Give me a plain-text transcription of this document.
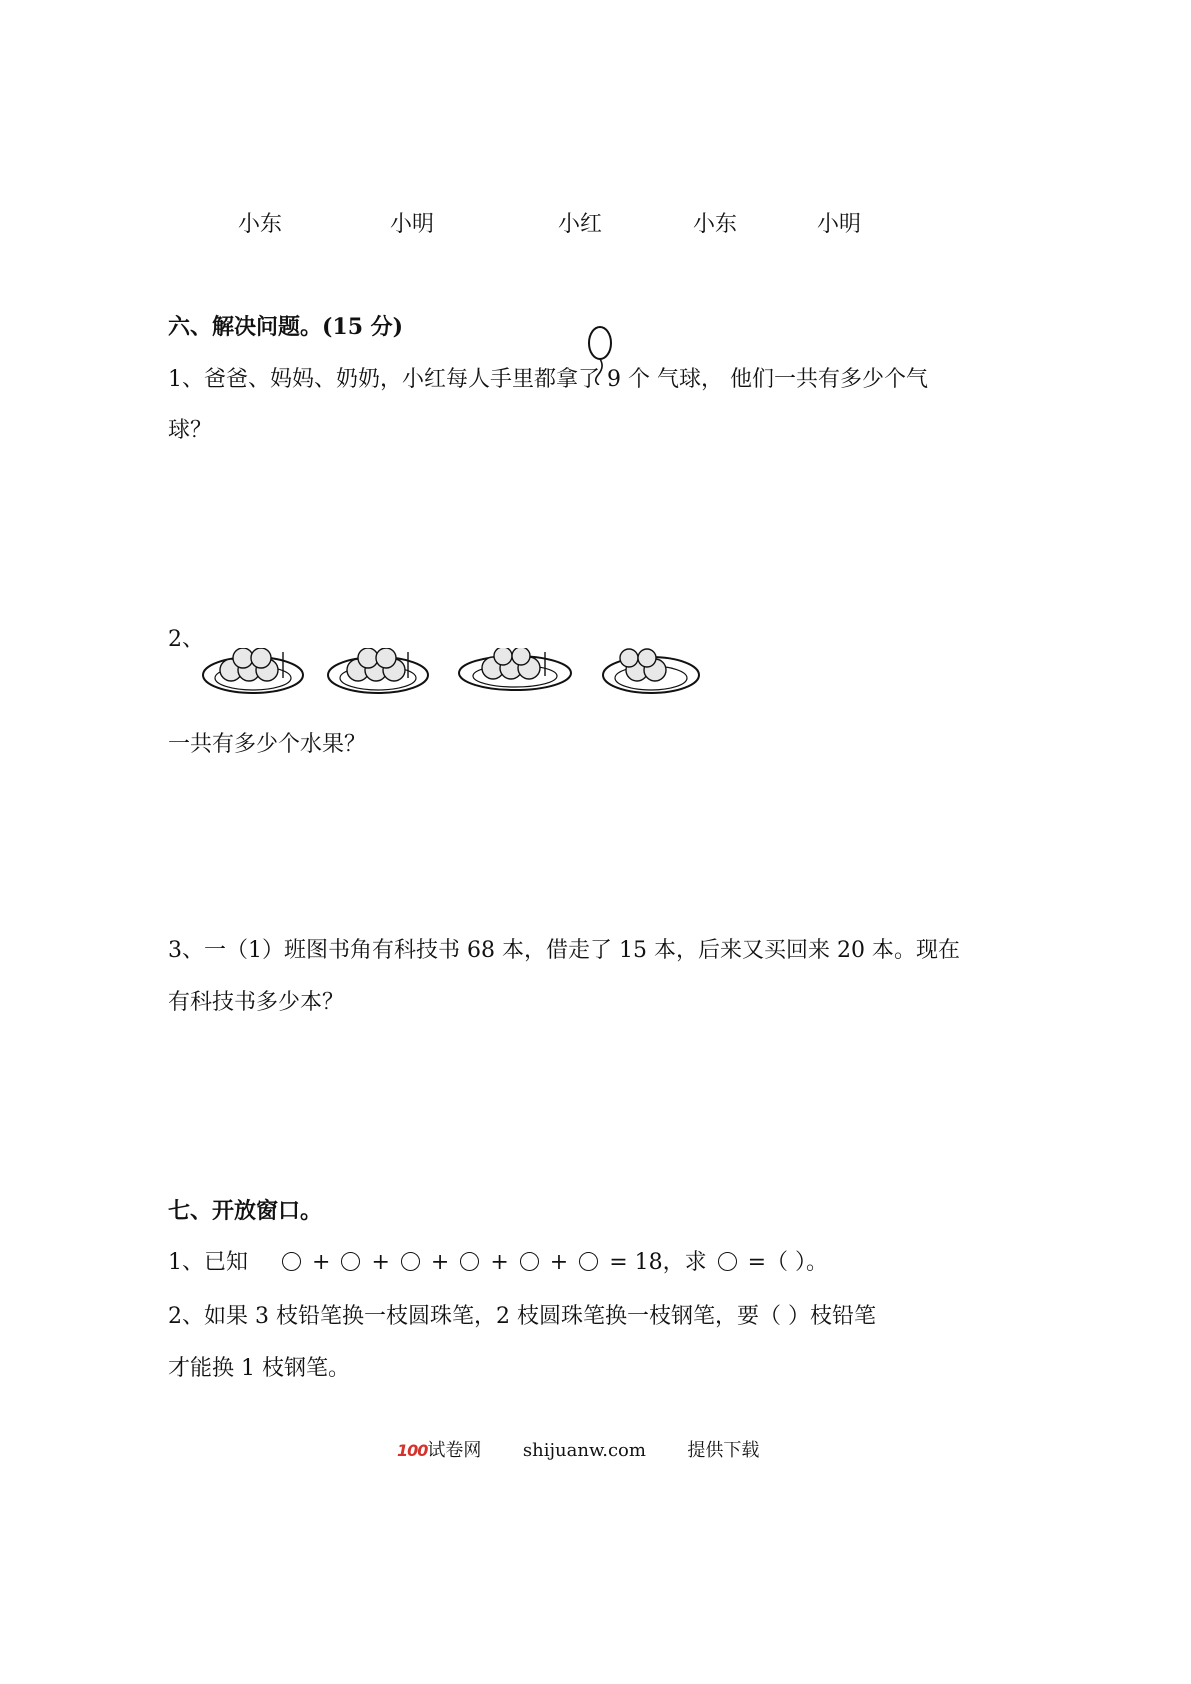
小东	小明	小红	小东	小明
六、解决问题。(15 分)
1、爸爸、妈妈、奶奶，小红每人手里都拿了 9 个 气球， 他们一共有多少个气
球？
2、
一共有多少个水果？
3、一（1）班图书角有科技书 68 本，借走了 15 本，后来又买回来 20 本。现在
有科技书多少本？
七、开放窗口。
1、已知	+ + + + + = 18，求 =（ ）。
2、如果 3 枝铅笔换一枝圆珠笔，2 枝圆珠笔换一枝钢笔，要（ ）枝铅笔
才能换 1 枝钢笔。
100试卷网 shijuanw.com 提供下载
